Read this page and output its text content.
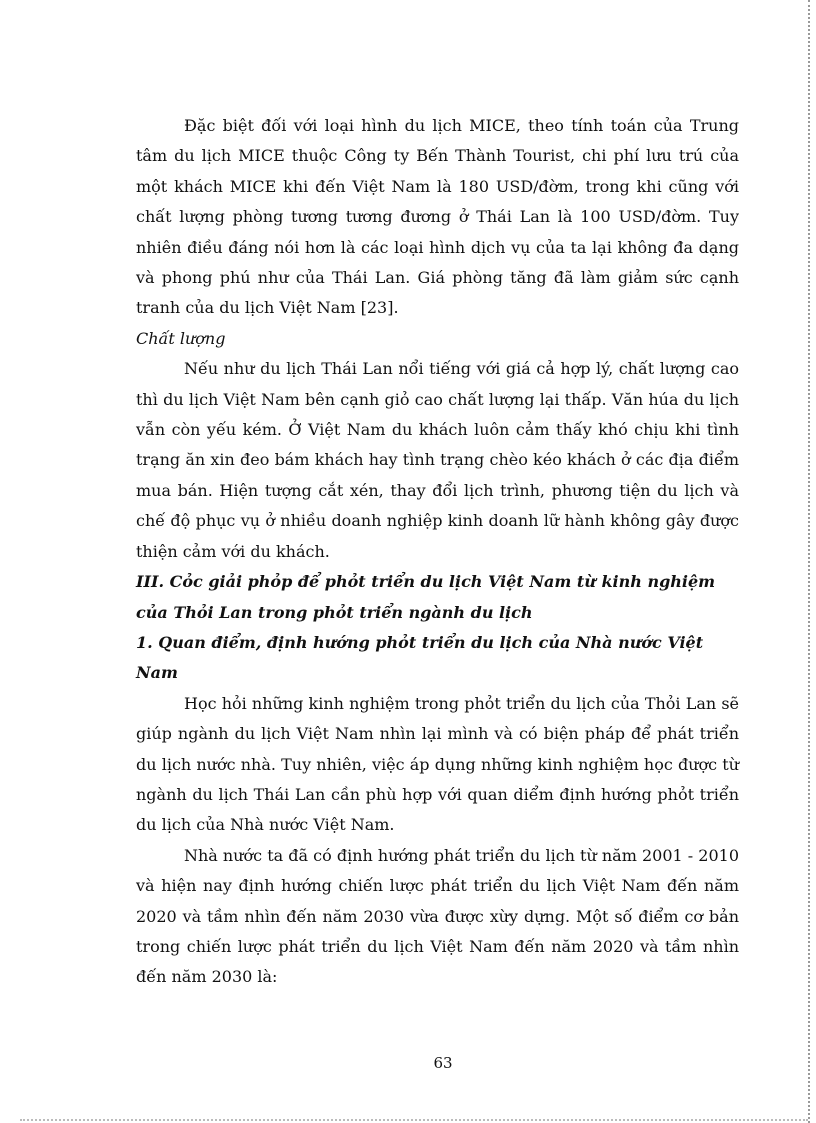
Đặc biệt đối với loại hình du lịch MICE, theo tính toán của Trung tâm du lịch MICE thuộc Công ty Bến Thành Tourist, chi phí lưu trú của một khách MICE khi đến Việt Nam là 180 USD/đờm, trong khi cũng với chất lượng phòng tương tương đương ở Thái Lan là 100 USD/đờm. Tuy nhiên điều đáng nói hơn là các loại hình dịch vụ của ta lại không đa dạng và phong phú như của Thái Lan. Giá phòng tăng đã làm giảm sức cạnh tranh của du lịch Việt Nam [23].

Chất lượng

Nếu như du lịch Thái Lan nổi tiếng với giá cả hợp lý, chất lượng cao thì du lịch Việt Nam bên cạnh giỏ cao chất lượng lại thấp. Văn húa du lịch vẫn còn yếu kém. Ở Việt Nam du khách luôn cảm thấy khó chịu khi tình trạng ăn xin đeo bám khách hay tình trạng chèo kéo khách ở các địa điểm mua bán. Hiện tượng cắt xén, thay đổi lịch trình, phương tiện du lịch và chế độ phục vụ ở nhiều doanh nghiệp kinh doanh lữ hành không gây được thiện cảm với du khách.

III. Cỏc giải phỏp để phỏt triển du lịch Việt Nam từ kinh nghiệm của Thỏi Lan trong phỏt triển ngành du lịch

1. Quan điểm, định hướng phỏt triển du lịch của Nhà nước Việt Nam

Học hỏi những kinh nghiệm trong phỏt triển du lịch của Thỏi Lan sẽ giúp ngành du lịch Việt Nam nhìn lại mình và có biện pháp để phát triển du lịch nước nhà. Tuy nhiên, việc áp dụng những kinh nghiệm học được từ ngành du lịch Thái Lan cần phù hợp với quan diểm định hướng phỏt triển du lịch của Nhà nước Việt Nam.

Nhà nước ta đã có định hướng phát triển du lịch từ năm 2001 - 2010 và hiện nay định hướng chiến lược phát triển du lịch Việt Nam đến năm 2020 và tầm nhìn đến năm 2030 vừa được xừy dựng. Một số điểm cơ bản trong chiến lược phát triển du lịch Việt Nam đến năm 2020 và tầm nhìn đến năm 2030 là:

63
